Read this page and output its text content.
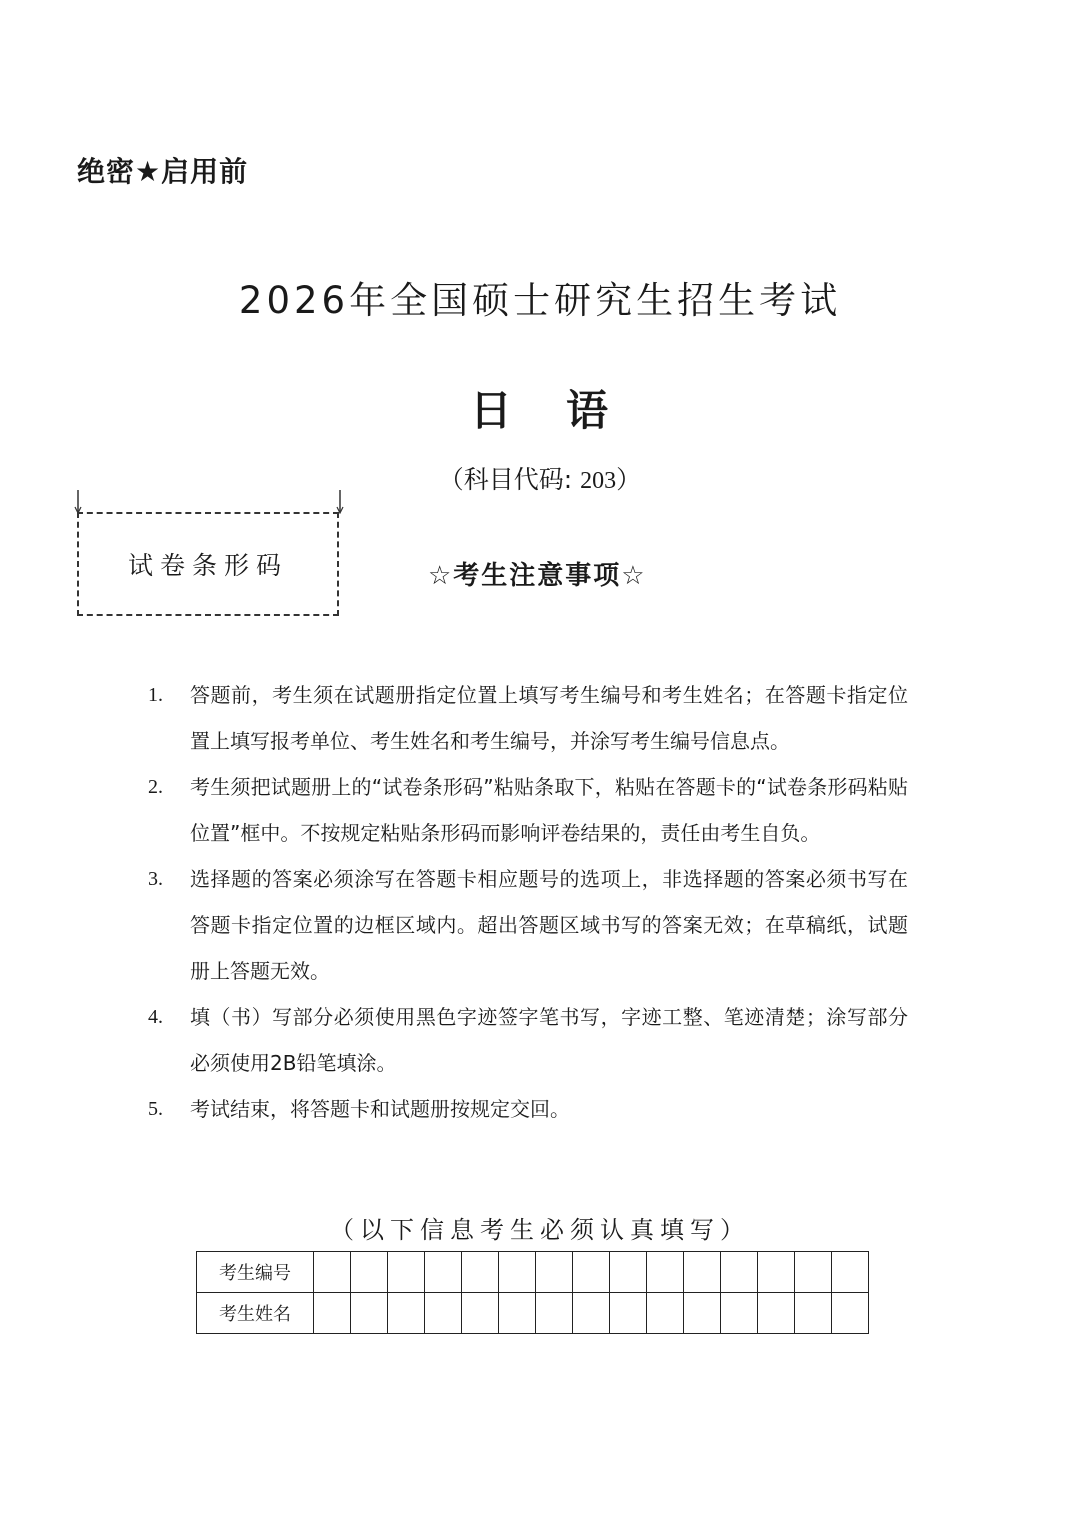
绝密★启用前
2026年全国硕士研究生招生考试
日 语
（科目代码: 203）
试卷条形码	☆考生注意事项☆
1.	答题前，考生须在试题册指定位置上填写考生编号和考生姓名；在答题卡指定位置上填写报考单位、考生姓名和考生编号，并涂写考生编号信息点。
2.	考生须把试题册上的“试卷条形码”粘贴条取下，粘贴在答题卡的“试卷条形码粘贴位置”框中。不按规定粘贴条形码而影响评卷结果的，责任由考生自负。
3.	选择题的答案必须涂写在答题卡相应题号的选项上，非选择题的答案必须书写在答题卡指定位置的边框区域内。超出答题区域书写的答案无效；在草稿纸，试题册上答题无效。
4.	填（书）写部分必须使用黑色字迹签字笔书写，字迹工整、笔迹清楚；涂写部分必须使用2B铅笔填涂。
5.	考试结束，将答题卡和试题册按规定交回。
（以下信息考生必须认真填写）
考生编号															
考生姓名															
